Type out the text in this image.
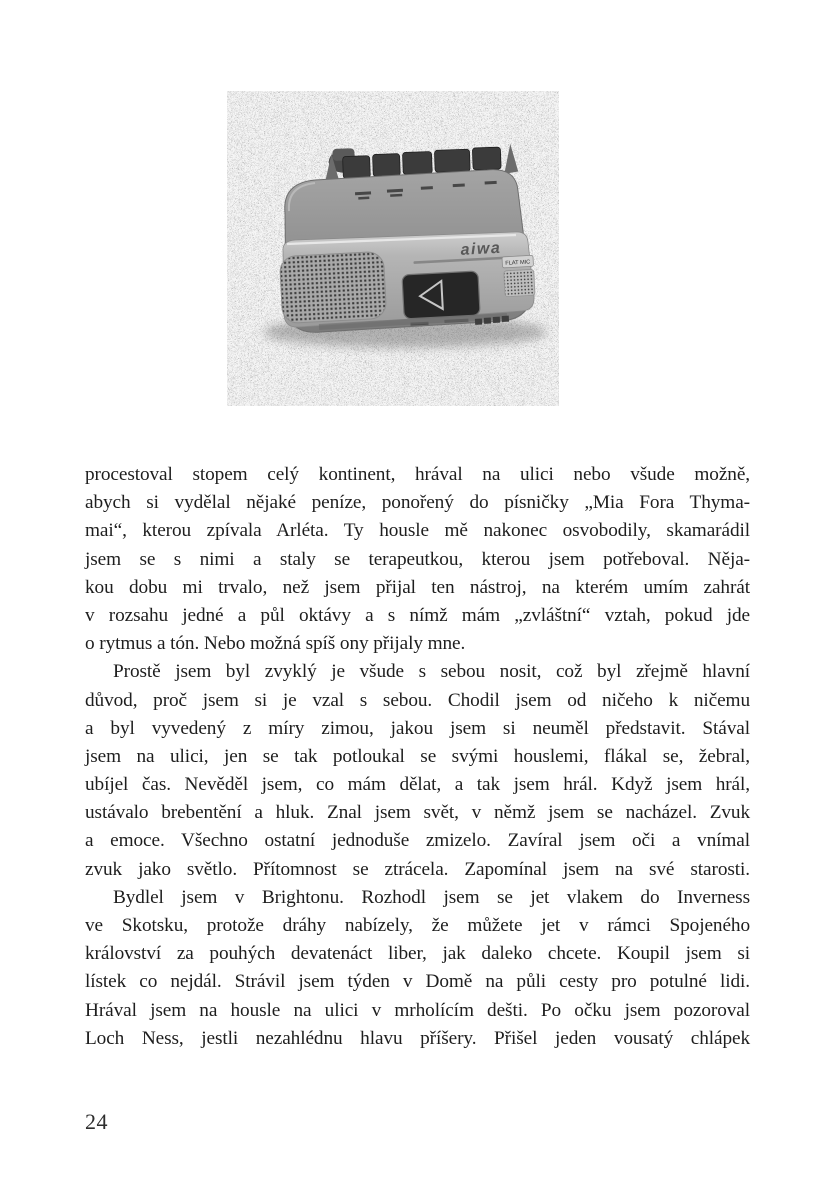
aiwa
FLAT MIC
procestoval stopem celý kontinent, hrával na ulici nebo všude možně,
abych si vydělal nějaké peníze, ponořený do písničky „Mia Fora Thyma-
mai“, kterou zpívala Arléta. Ty housle mě nakonec osvobodily, skamarádil
jsem se s nimi a staly se terapeutkou, kterou jsem potřeboval. Něja-
kou dobu mi trvalo, než jsem přijal ten nástroj, na kterém umím zahrát
v rozsahu jedné a půl oktávy a s nímž mám „zvláštní“ vztah, pokud jde
o rytmus a tón. Nebo možná spíš ony přijaly mne.
Prostě jsem byl zvyklý je všude s sebou nosit, což byl zřejmě hlavní
důvod, proč jsem si je vzal s sebou. Chodil jsem od ničeho k ničemu
a byl vyvedený z míry zimou, jakou jsem si neuměl představit. Stával
jsem na ulici, jen se tak potloukal se svými houslemi, flákal se, žebral,
ubíjel čas. Nevěděl jsem, co mám dělat, a tak jsem hrál. Když jsem hrál,
ustávalo brebentění a hluk. Znal jsem svět, v němž jsem se nacházel. Zvuk
a emoce. Všechno ostatní jednoduše zmizelo. Zavíral jsem oči a vnímal
zvuk jako světlo. Přítomnost se ztrácela. Zapomínal jsem na své starosti.
Bydlel jsem v Brightonu. Rozhodl jsem se jet vlakem do Inverness
ve Skotsku, protože dráhy nabízely, že můžete jet v rámci Spojeného
království za pouhých devatenáct liber, jak daleko chcete. Koupil jsem si
lístek co nejdál. Strávil jsem týden v Domě na půli cesty pro potulné lidi.
Hrával jsem na housle na ulici v mrholícím dešti. Po očku jsem pozoroval
Loch Ness, jestli nezahlédnu hlavu příšery. Přišel jeden vousatý chlápek
24
